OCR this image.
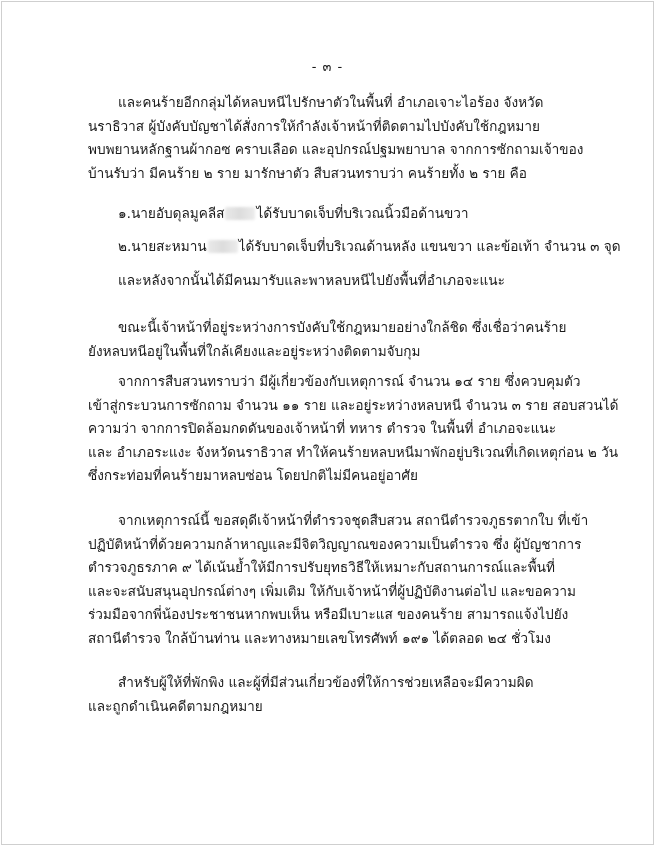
- ๓ -
และคนร้ายอีกกลุ่มได้หลบหนีไปรักษาตัวในพื้นที่ อำเภอเจาะไอร้อง จังหวัด
นราธิวาส ผู้บังคับบัญชาได้สั่งการให้กำลังเจ้าหน้าที่ติดตามไปบังคับใช้กฎหมาย
พบพยานหลักฐานผ้ากอซ คราบเลือด และอุปกรณ์ปฐมพยาบาล จากการซักถามเจ้าของ
บ้านรับว่า มีคนร้าย ๒ ราย มารักษาตัว สืบสวนทราบว่า คนร้ายทั้ง ๒ ราย คือ
๑.นายอับดุลมูคลีส ได้รับบาดเจ็บที่บริเวณนิ้วมือด้านขวา
๒.นายสะหมาน ได้รับบาดเจ็บที่บริเวณด้านหลัง แขนขวา และข้อเท้า จำนวน ๓ จุด
และหลังจากนั้นได้มีคนมารับและพาหลบหนีไปยังพื้นที่อำเภอจะแนะ
ขณะนี้เจ้าหน้าที่อยู่ระหว่างการบังคับใช้กฎหมายอย่างใกล้ชิด ซึ่งเชื่อว่าคนร้าย
ยังหลบหนีอยู่ในพื้นที่ใกล้เคียงและอยู่ระหว่างติดตามจับกุม
จากการสืบสวนทราบว่า มีผู้เกี่ยวข้องกับเหตุการณ์ จำนวน ๑๔ ราย ซึ่งควบคุมตัว
เข้าสู่กระบวนการซักถาม จำนวน ๑๑ ราย และอยู่ระหว่างหลบหนี จำนวน ๓ ราย สอบสวนได้
ความว่า จากการปิดล้อมกดดันของเจ้าหน้าที่ ทหาร ตำรวจ ในพื้นที่ อำเภอจะแนะ
และ อำเภอระแงะ จังหวัดนราธิวาส ทำให้คนร้ายหลบหนีมาพักอยู่บริเวณที่เกิดเหตุก่อน ๒ วัน
ซึ่งกระท่อมที่คนร้ายมาหลบซ่อน โดยปกติไม่มีคนอยู่อาศัย
จากเหตุการณ์นี้ ขอสดุดีเจ้าหน้าที่ตำรวจชุดสืบสวน สถานีตำรวจภูธรตากใบ ที่เข้า
ปฏิบัติหน้าที่ด้วยความกล้าหาญและมีจิตวิญญาณของความเป็นตำรวจ ซึ่ง ผู้บัญชาการ
ตำรวจภูธรภาค ๙ ได้เน้นย้ำให้มีการปรับยุทธวิธีให้เหมาะกับสถานการณ์และพื้นที่
และจะสนับสนุนอุปกรณ์ต่างๆ เพิ่มเติม ให้กับเจ้าหน้าที่ผู้ปฏิบัติงานต่อไป และขอความ
ร่วมมือจากพี่น้องประชาชนหากพบเห็น หรือมีเบาะแส ของคนร้าย สามารถแจ้งไปยัง
สถานีตำรวจ ใกล้บ้านท่าน และทางหมายเลขโทรศัพท์ ๑๙๑ ได้ตลอด ๒๔ ชั่วโมง
สำหรับผู้ให้ที่พักพิง และผู้ที่มีส่วนเกี่ยวข้องที่ให้การช่วยเหลือจะมีความผิด
และถูกดำเนินคดีตามกฎหมาย
